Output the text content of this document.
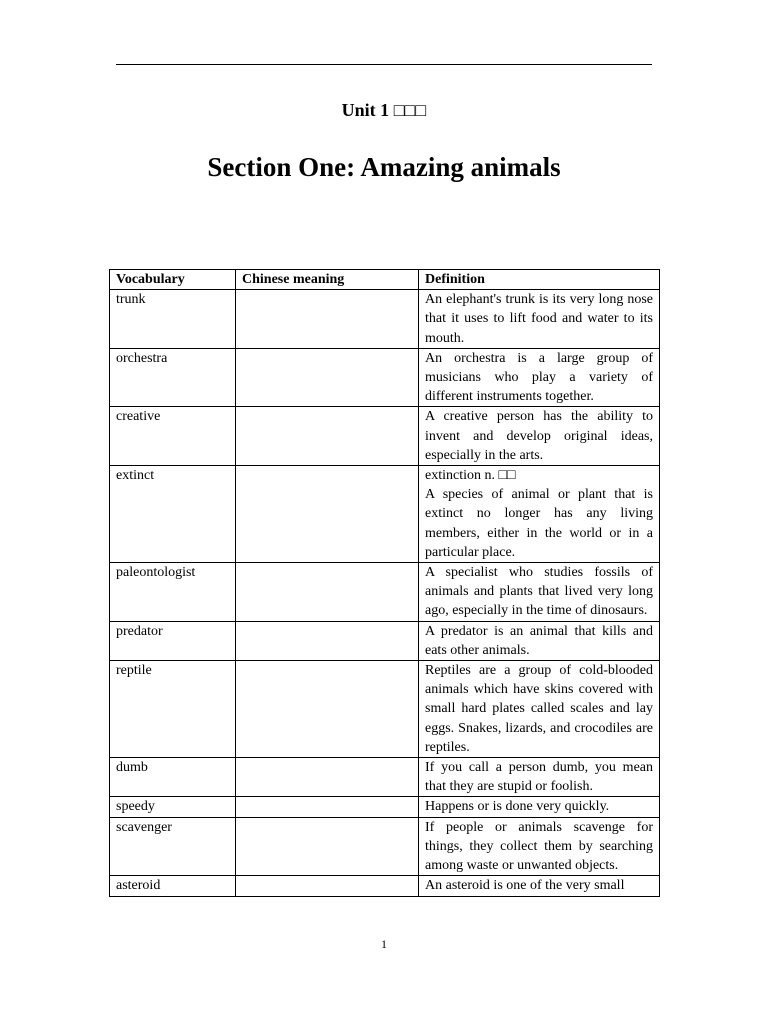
Unit 1 □□□
Section One: Amazing animals
Vocabulary	Chinese meaning	Definition
trunk		An elephant's trunk is its very long nose that it uses to lift food and water to its mouth.

orchestra		An orchestra is a large group of musicians who play a variety of different instruments together.

creative		A creative person has the ability to invent and develop original ideas, especially in the arts.

extinct		extinction n. □□
A species of animal or plant that is extinct no longer has any living members, either in the world or in a particular place.

paleontologist		A specialist who studies fossils of animals and plants that lived very long ago, especially in the time of dinosaurs.

predator		A predator is an animal that kills and eats other animals.

reptile		Reptiles are a group of cold-blooded animals which have skins covered with small hard plates called scales and lay eggs. Snakes, lizards, and crocodiles are reptiles.

dumb		If you call a person dumb, you mean that they are stupid or foolish.

speedy		Happens or is done very quickly.

scavenger		If people or animals scavenge for things, they collect them by searching among waste or unwanted objects.

asteroid		An asteroid is one of the very small
1
